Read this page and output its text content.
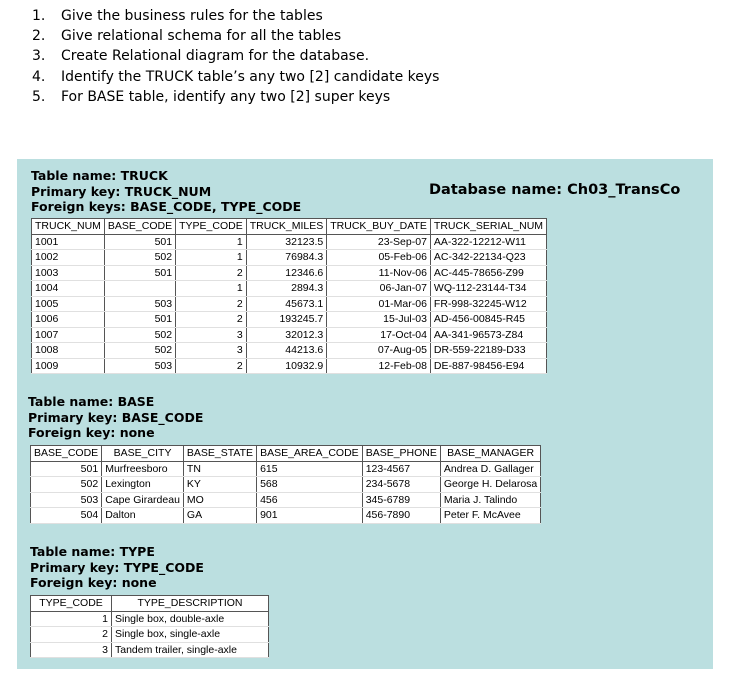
1. Give the business rules for the tables
2. Give relational schema for all the tables
3. Create Relational diagram for the database.
4. Identify the TRUCK table’s any two [2] candidate keys
5. For BASE table, identify any two [2] super keys
Table name: TRUCK
Primary key: TRUCK_NUM
Foreign keys: BASE_CODE, TYPE_CODE
Database name: Ch03_TransCo
TRUCK_NUM	BASE_CODE	TYPE_CODE	TRUCK_MILES	TRUCK_BUY_DATE	TRUCK_SERIAL_NUM
1001	501	1	32123.5	23-Sep-07	AA-322-12212-W11
1002	502	1	76984.3	05-Feb-06	AC-342-22134-Q23
1003	501	2	12346.6	11-Nov-06	AC-445-78656-Z99
1004		1	2894.3	06-Jan-07	WQ-112-23144-T34
1005	503	2	45673.1	01-Mar-06	FR-998-32245-W12
1006	501	2	193245.7	15-Jul-03	AD-456-00845-R45
1007	502	3	32012.3	17-Oct-04	AA-341-96573-Z84
1008	502	3	44213.6	07-Aug-05	DR-559-22189-D33
1009	503	2	10932.9	12-Feb-08	DE-887-98456-E94
Table name: BASE
Primary key: BASE_CODE
Foreign key: none
BASE_CODE	BASE_CITY	BASE_STATE	BASE_AREA_CODE	BASE_PHONE	BASE_MANAGER
501	Murfreesboro	TN	615	123-4567	Andrea D. Gallager
502	Lexington	KY	568	234-5678	George H. Delarosa
503	Cape Girardeau	MO	456	345-6789	Maria J. Talindo
504	Dalton	GA	901	456-7890	Peter F. McAvee
Table name: TYPE
Primary key: TYPE_CODE
Foreign key: none
TYPE_CODE	TYPE_DESCRIPTION
1	Single box, double-axle
2	Single box, single-axle
3	Tandem trailer, single-axle
